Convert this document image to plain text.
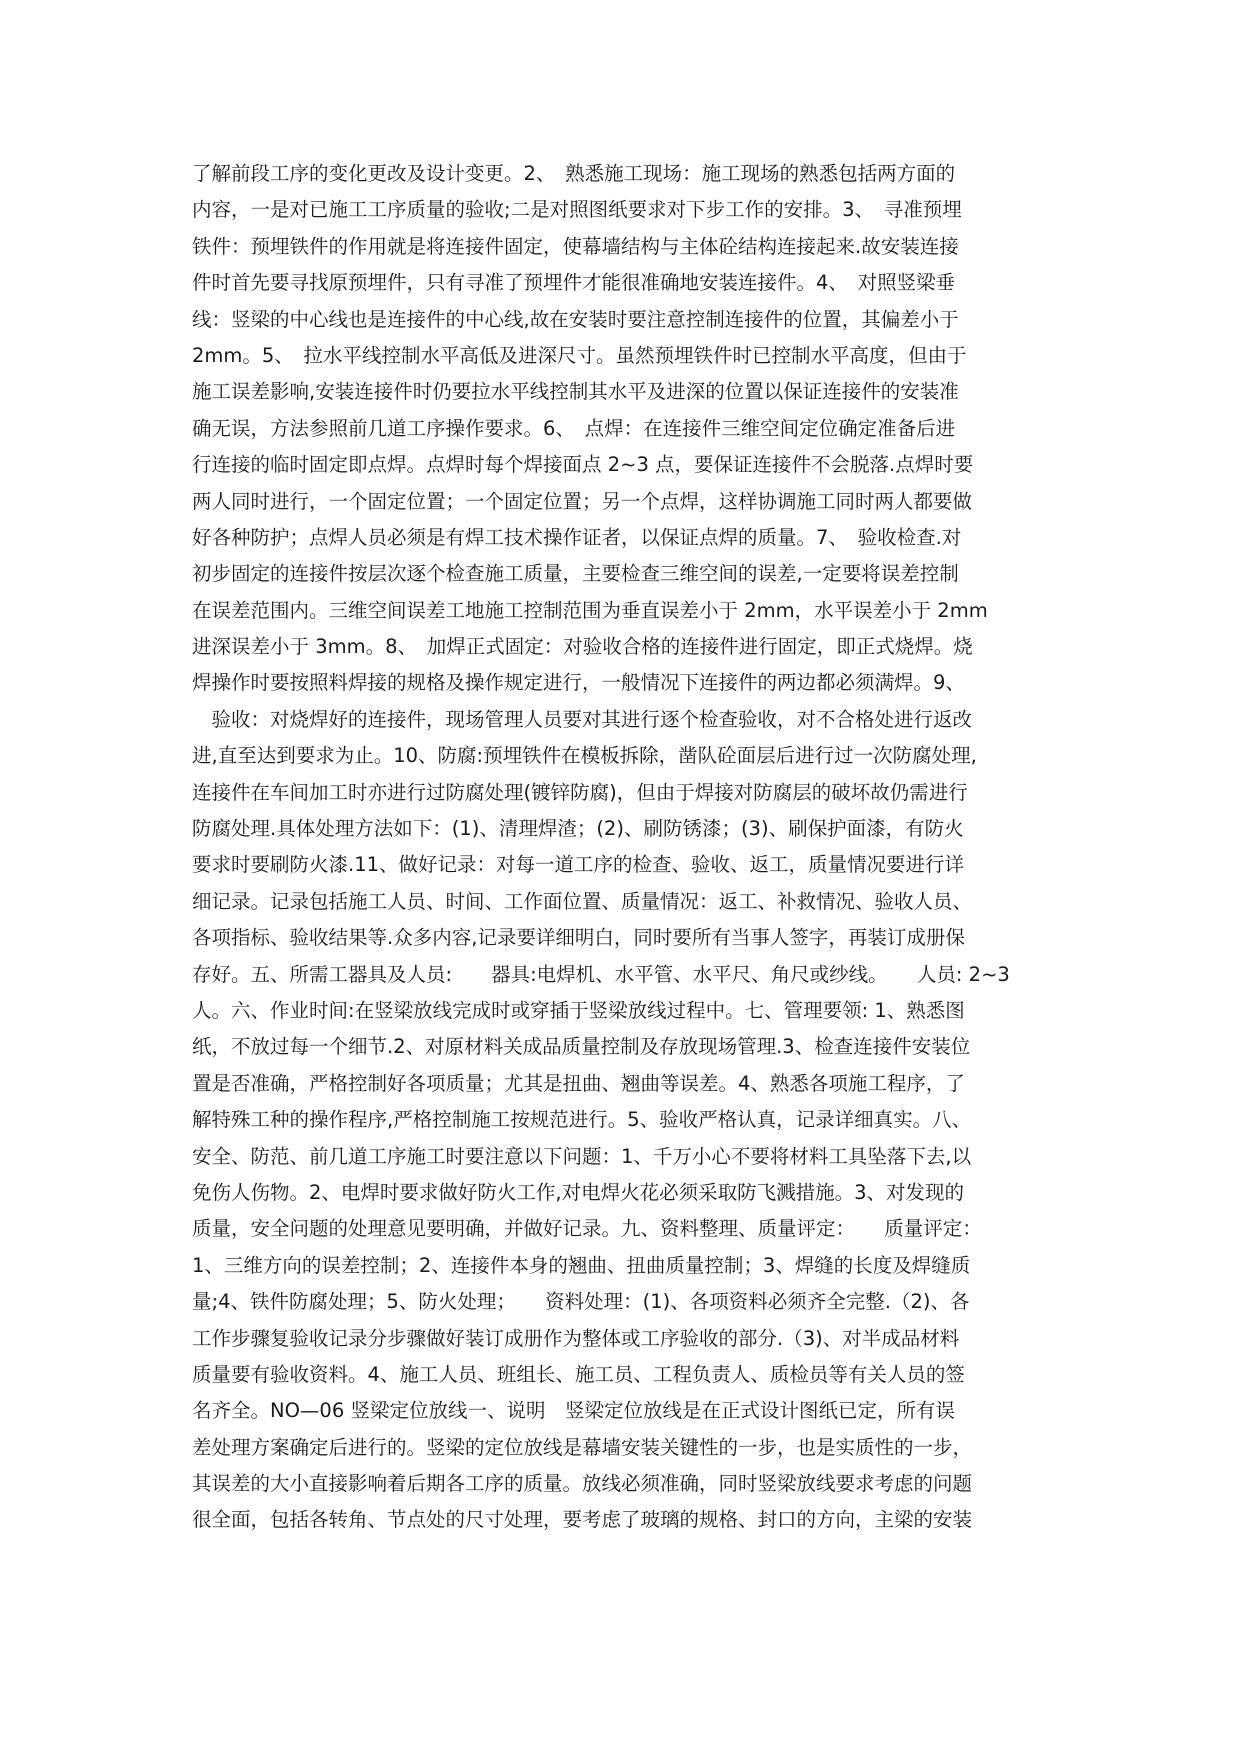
了解前段工序的变化更改及设计变更。2、　熟悉施工现场：施工现场的熟悉包括两方面的
内容，一是对已施工工序质量的验收;二是对照图纸要求对下步工作的安排。3、　寻准预埋
铁件：预埋铁件的作用就是将连接件固定，使幕墙结构与主体砼结构连接起来.故安装连接
件时首先要寻找原预埋件，只有寻准了预埋件才能很准确地安装连接件。4、　对照竖梁垂
线：竖梁的中心线也是连接件的中心线,故在安装时要注意控制连接件的位置，其偏差小于
2mm。5、　拉水平线控制水平高低及进深尺寸。虽然预埋铁件时已控制水平高度，但由于
施工误差影响,安装连接件时仍要拉水平线控制其水平及进深的位置以保证连接件的安装准
确无误，方法参照前几道工序操作要求。6、　点焊：在连接件三维空间定位确定准备后进
行连接的临时固定即点焊。点焊时每个焊接面点 2~3 点，要保证连接件不会脱落.点焊时要
两人同时进行，一个固定位置；一个固定位置；另一个点焊，这样协调施工同时两人都要做
好各种防护；点焊人员必须是有焊工技术操作证者，以保证点焊的质量。7、　验收检查.对
初步固定的连接件按层次逐个检查施工质量，主要检查三维空间的误差,一定要将误差控制
在误差范围内。三维空间误差工地施工控制范围为垂直误差小于 2mm，水平误差小于 2mm
进深误差小于 3mm。8、　加焊正式固定：对验收合格的连接件进行固定，即正式烧焊。烧
焊操作时要按照料焊接的规格及操作规定进行，一般情况下连接件的两边都必须满焊。9、
　验收：对烧焊好的连接件，现场管理人员要对其进行逐个检查验收，对不合格处进行返改
进,直至达到要求为止。10、防腐:预埋铁件在模板拆除，凿队砼面层后进行过一次防腐处理,
连接件在车间加工时亦进行过防腐处理(镀锌防腐)，但由于焊接对防腐层的破坏故仍需进行
防腐处理.具体处理方法如下：(1)、清理焊渣；(2)、刷防锈漆；(3)、刷保护面漆，有防火
要求时要刷防火漆.11、做好记录：对每一道工序的检查、验收、返工，质量情况要进行详
细记录。记录包括施工人员、时间、工作面位置、质量情况：返工、补救情况、验收人员、
各项指标、验收结果等.众多内容,记录要详细明白，同时要所有当事人签字，再装订成册保
存好。五、所需工器具及人员:　　器具:电焊机、水平管、水平尺、角尺或纱线。　　人员: 2~3
人。六、作业时间:在竖梁放线完成时或穿插于竖梁放线过程中。七、管理要领: 1、熟悉图
纸，不放过每一个细节.2、对原材料关成品质量控制及存放现场管理.3、检查连接件安装位
置是否准确，严格控制好各项质量；尤其是扭曲、翘曲等误差。4、熟悉各项施工程序，了
解特殊工种的操作程序,严格控制施工按规范进行。5、验收严格认真，记录详细真实。八、
安全、防范、前几道工序施工时要注意以下问题：1、千万小心不要将材料工具坠落下去,以
免伤人伤物。2、电焊时要求做好防火工作,对电焊火花必须采取防飞溅措施。3、对发现的
质量，安全问题的处理意见要明确，并做好记录。九、资料整理、质量评定：　　质量评定：
1、三维方向的误差控制；2、连接件本身的翘曲、扭曲质量控制；3、焊缝的长度及焊缝质
量;4、铁件防腐处理；5、防火处理；　　资料处理：(1)、各项资料必须齐全完整.（2)、各
工作步骤复验收记录分步骤做好装订成册作为整体或工序验收的部分.（3)、对半成品材料
质量要有验收资料。4、施工人员、班组长、施工员、工程负责人、质检员等有关人员的签
名齐全。NO—06 竖梁定位放线一、说明　竖梁定位放线是在正式设计图纸已定，所有误
差处理方案确定后进行的。竖梁的定位放线是幕墙安装关键性的一步，也是实质性的一步，
其误差的大小直接影响着后期各工序的质量。放线必须准确，同时竖梁放线要求考虑的问题
很全面，包括各转角、节点处的尺寸处理，要考虑了玻璃的规格、封口的方向，主梁的安装
